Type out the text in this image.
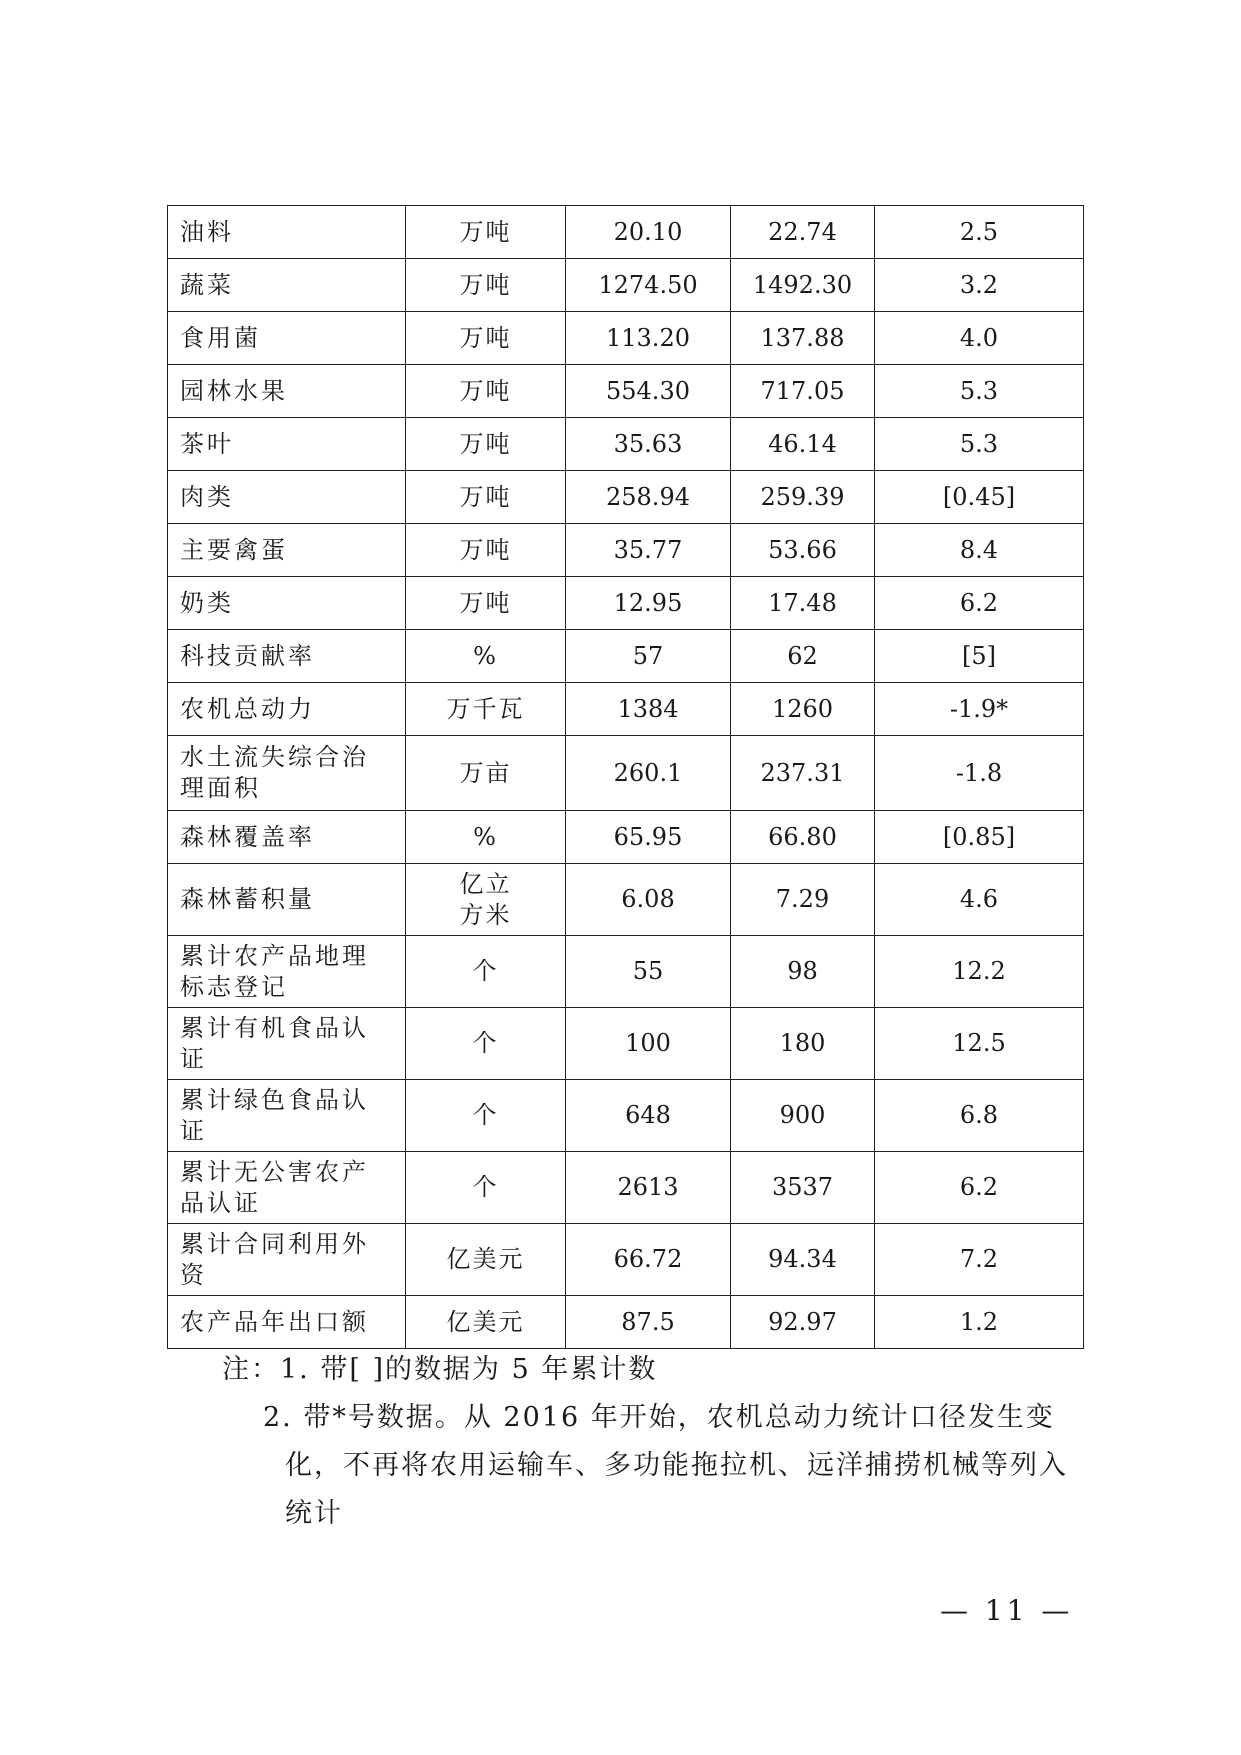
油料	万吨	20.10	22.74	2.5
蔬菜	万吨	1274.50	1492.30	3.2
食用菌	万吨	113.20	137.88	4.0
园林水果	万吨	554.30	717.05	5.3
茶叶	万吨	35.63	46.14	5.3
肉类	万吨	258.94	259.39	[0.45]
主要禽蛋	万吨	35.77	53.66	8.4
奶类	万吨	12.95	17.48	6.2
科技贡献率	%	57	62	[5]
农机总动力	万千瓦	1384	1260	-1.9*
水土流失综合治理面积	万亩	260.1	237.31	-1.8
森林覆盖率	%	65.95	66.80	[0.85]
森林蓄积量	亿立方米	6.08	7.29	4.6
累计农产品地理标志登记	个	55	98	12.2
累计有机食品认证	个	100	180	12.5
累计绿色食品认证	个	648	900	6.8
累计无公害农产品认证	个	2613	3537	6.2
累计合同利用外资	亿美元	66.72	94.34	7.2
农产品年出口额	亿美元	87.5	92.97	1.2

注：1. 带[ ]的数据为 5 年累计数

2. 带*号数据。从 2016 年开始，农机总动力统计口径发生变化，不再将农用运输车、多功能拖拉机、远洋捕捞机械等列入统计

— 11 —
